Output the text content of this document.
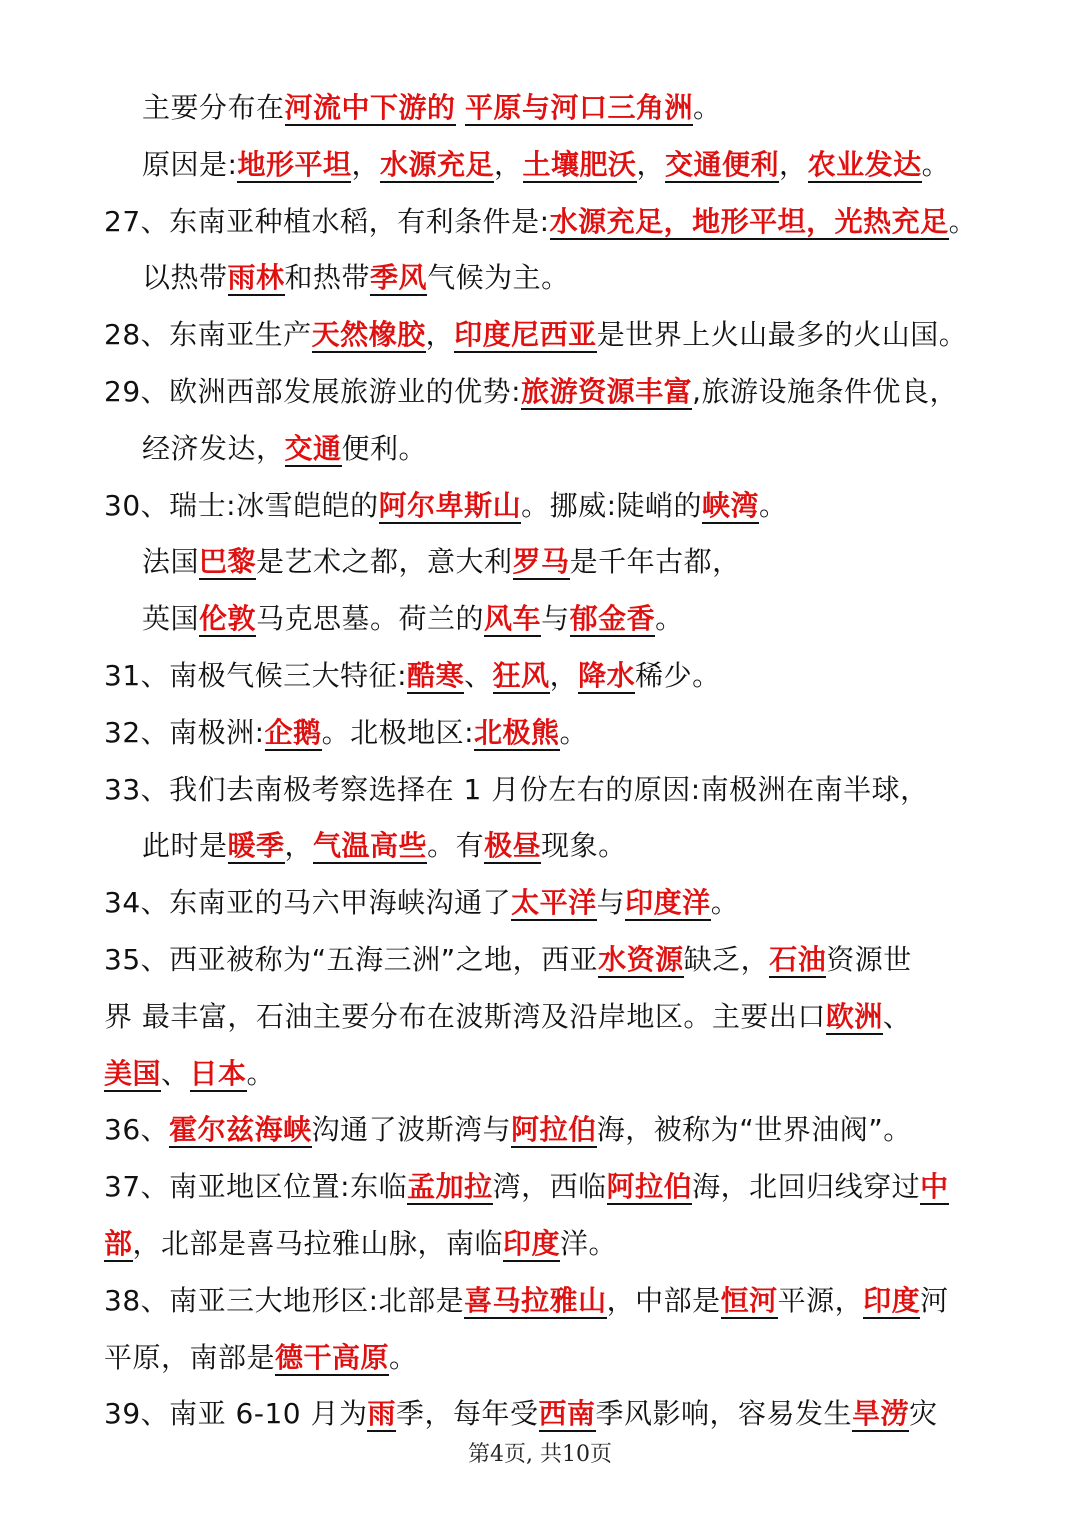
主要分布在河流中下游的 平原与河口三角洲。
原因是:地形平坦，水源充足，土壤肥沃，交通便利，农业发达。
27、东南亚种植水稻，有利条件是:水源充足，地形平坦，光热充足。
以热带雨林和热带季风气候为主。
28、东南亚生产天然橡胶，印度尼西亚是世界上火山最多的火山国。
29、欧洲西部发展旅游业的优势:旅游资源丰富,旅游设施条件优良，
经济发达，交通便利。
30、瑞士:冰雪皑皑的阿尔卑斯山。挪威:陡峭的峡湾。
法国巴黎是艺术之都，意大利罗马是千年古都，
英国伦敦马克思墓。荷兰的风车与郁金香。
31、南极气候三大特征:酷寒、狂风，降水稀少。
32、南极洲:企鹅。北极地区:北极熊。
33、我们去南极考察选择在 1 月份左右的原因:南极洲在南半球，
此时是暖季，气温高些。有极昼现象。
34、东南亚的马六甲海峡沟通了太平洋与印度洋。
35、西亚被称为“五海三洲”之地，西亚水资源缺乏，石油资源世
界 最丰富，石油主要分布在波斯湾及沿岸地区。主要出口欧洲、
美国、日本。
36、霍尔兹海峡沟通了波斯湾与阿拉伯海，被称为“世界油阀”。
37、南亚地区位置:东临孟加拉湾，西临阿拉伯海，北回归线穿过中
部，北部是喜马拉雅山脉，南临印度洋。
38、南亚三大地形区:北部是喜马拉雅山，中部是恒河平源，印度河
平原，南部是德干高原。
39、南亚 6-10 月为雨季，每年受西南季风影响，容易发生旱涝灾
第4页, 共10页
